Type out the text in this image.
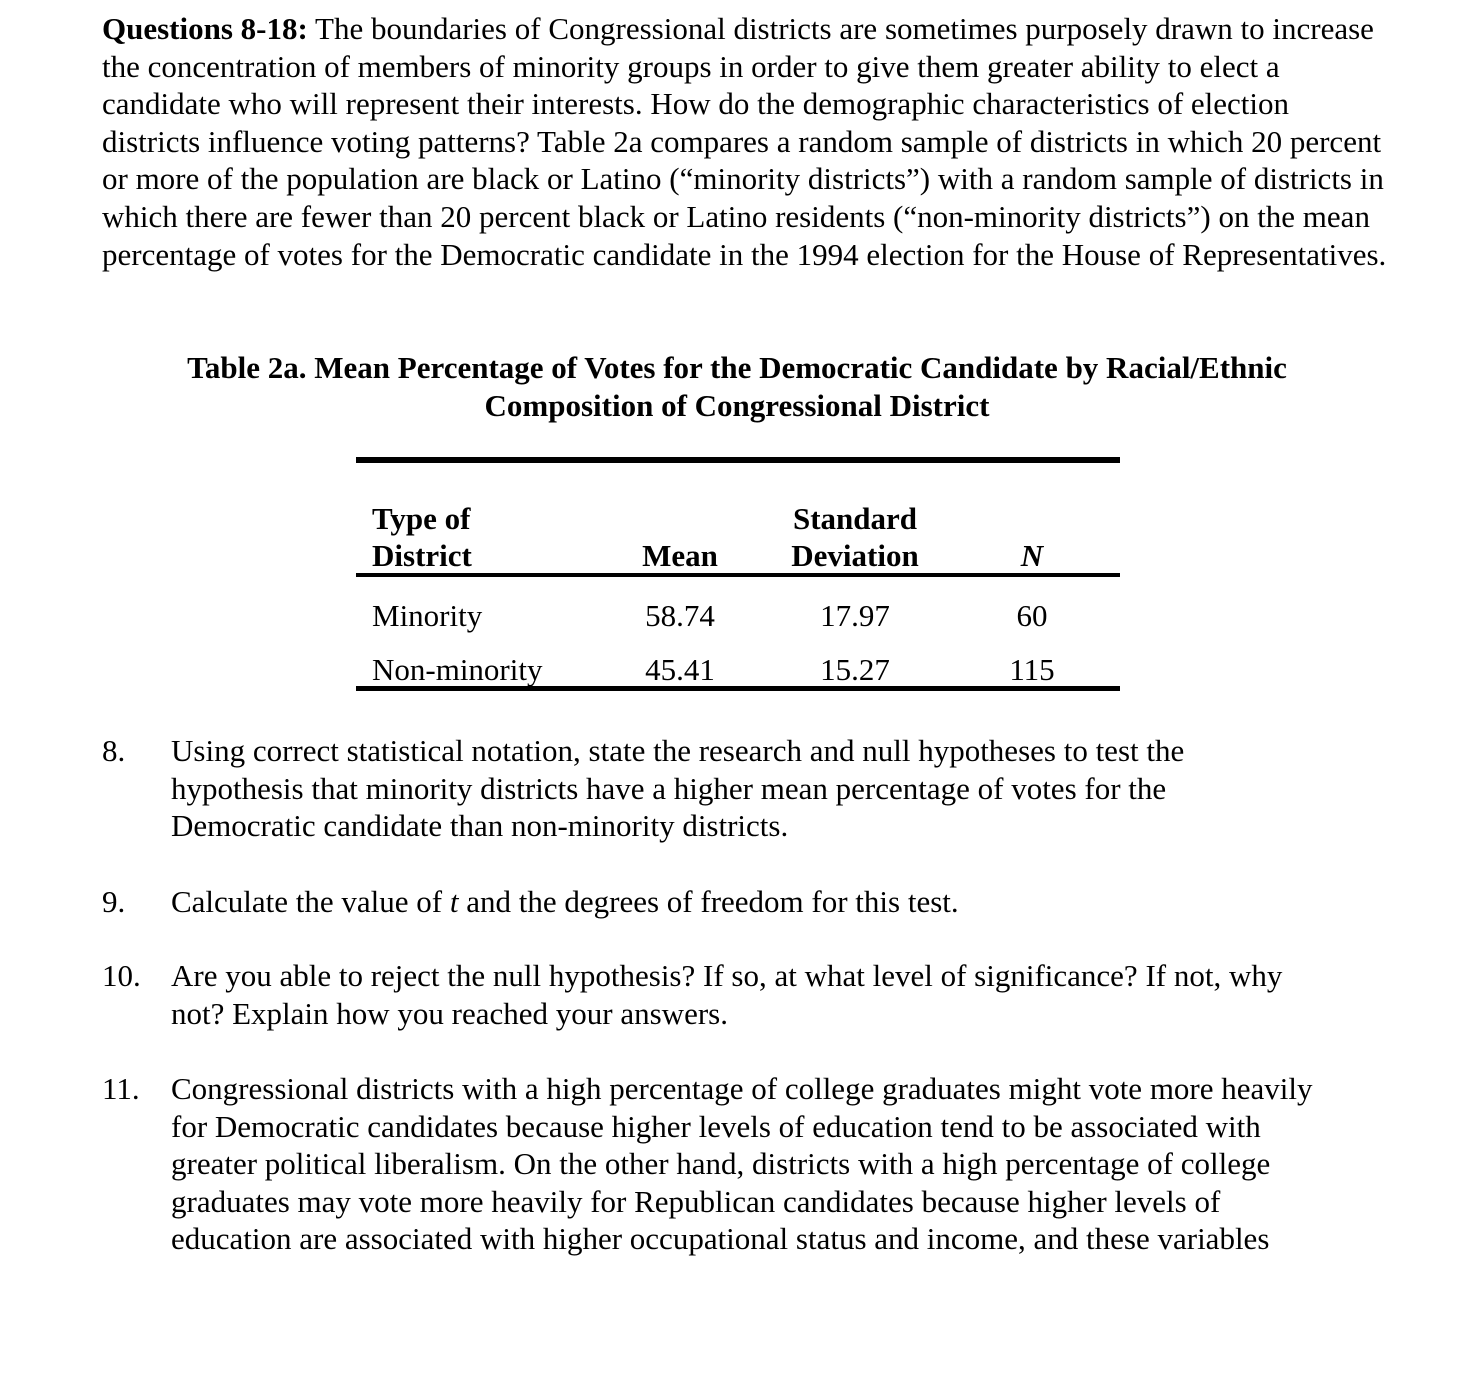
Questions 8-18: The boundaries of Congressional districts are sometimes purposely drawn to increase the concentration of members of minority groups in order to give them greater ability to elect a candidate who will represent their interests. How do the demographic characteristics of election districts influence voting patterns? Table 2a compares a random sample of districts in which 20 percent or more of the population are black or Latino (“minority districts”) with a random sample of districts in which there are fewer than 20 percent black or Latino residents (“non-minority districts”) on the mean percentage of votes for the Democratic candidate in the 1994 election for the House of Representatives.

Table 2a. Mean Percentage of Votes for the Democratic Candidate by Racial/Ethnic
Composition of Congressional District
Type of
District	Mean
Standard
Deviation	N
Minority	58.74	17.97	60
Non-minority	45.41	15.27	115
8. Using correct statistical notation, state the research and null hypotheses to test the
hypothesis that minority districts have a higher mean percentage of votes for the
Democratic candidate than non-minority districts.
9. Calculate the value of t and the degrees of freedom for this test.
10. Are you able to reject the null hypothesis? If so, at what level of significance? If not, why
not? Explain how you reached your answers.
11. Congressional districts with a high percentage of college graduates might vote more heavily
for Democratic candidates because higher levels of education tend to be associated with
greater political liberalism. On the other hand, districts with a high percentage of college
graduates may vote more heavily for Republican candidates because higher levels of
education are associated with higher occupational status and income, and these variables
